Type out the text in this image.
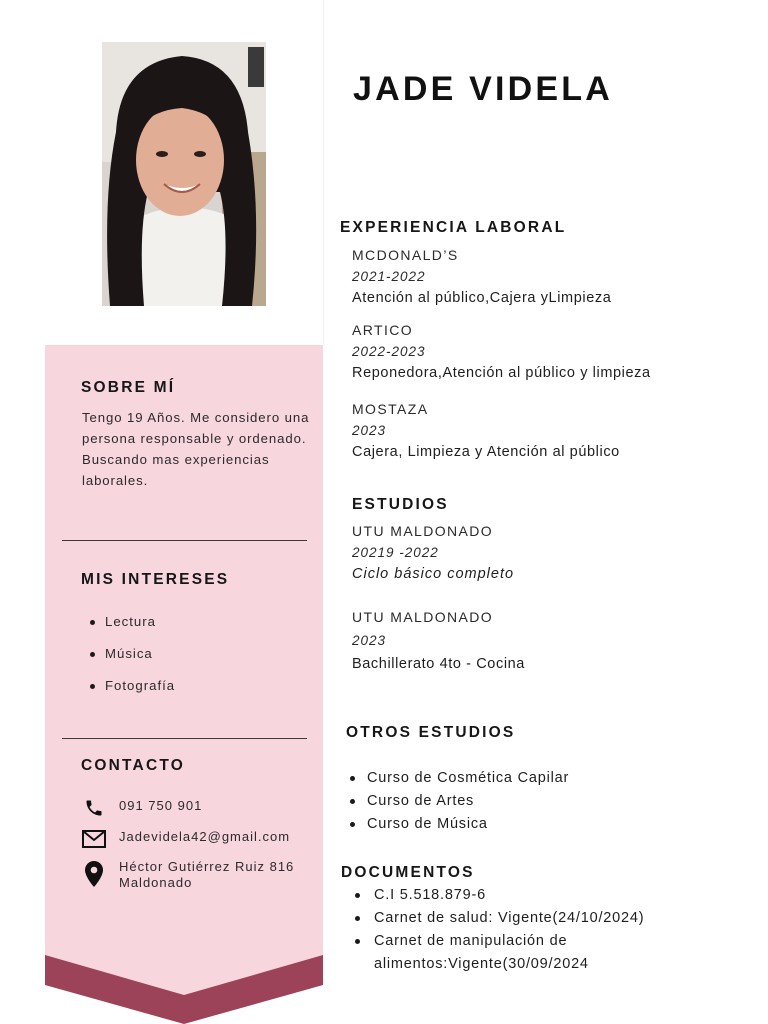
SOBRE MÍ
Tengo 19 Años. Me considero una persona responsable y ordenado. Buscando mas experiencias laborales.
MIS INTERESES
Lectura
Música
Fotografía
CONTACTO
091 750 901
Jadevidela42@gmail.com
Héctor Gutiérrez Ruiz 816
Maldonado
JADE VIDELA
EXPERIENCIA LABORAL
MCDONALD’S
2021-2022
Atención al público,Cajera yLimpieza
ARTICO
2022-2023
Reponedora,Atención al público y limpieza
MOSTAZA
2023
Cajera, Limpieza y Atención al público
ESTUDIOS
UTU MALDONADO
20219 -2022
Ciclo básico completo
UTU MALDONADO
2023
Bachillerato 4to - Cocina
OTROS ESTUDIOS
Curso de Cosmética Capilar
Curso de Artes
Curso de Música
DOCUMENTOS
C.I 5.518.879-6
Carnet de salud: Vigente(24/10/2024)
Carnet de manipulación de alimentos:Vigente(30/09/2024
